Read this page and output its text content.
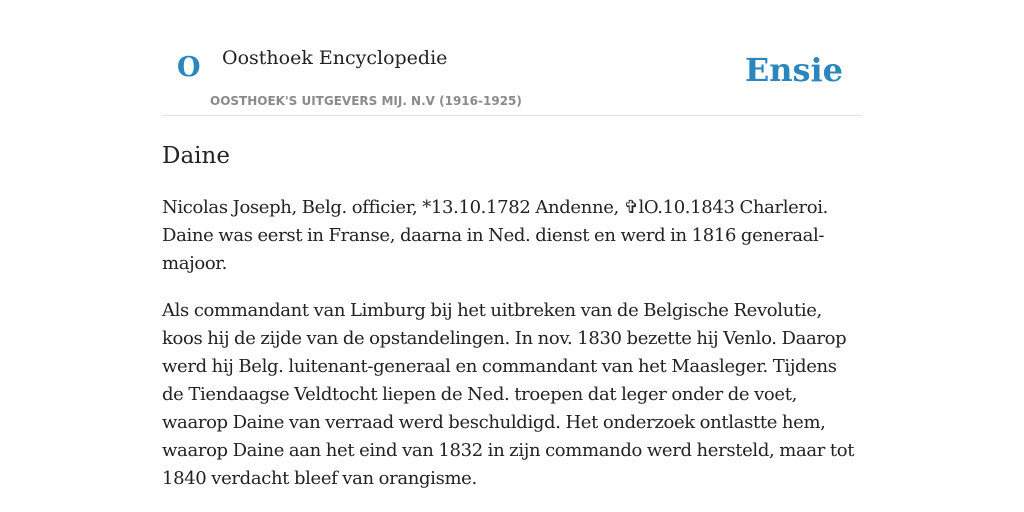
O Oosthoek Encyclopedie
OOSTHOEK'S UITGEVERS MIJ. N.V (1916-1925)
Ensie
Daine

Nicolas Joseph, Belg. officier, *13.10.1782 Andenne, ✞lO.10.1843 Charleroi. Daine was eerst in Franse, daarna in Ned. dienst en werd in 1816 generaal-majoor.

Als commandant van Limburg bij het uitbreken van de Belgische Revolutie, koos hij de zijde van de opstandelingen. In nov. 1830 bezette hij Venlo. Daarop werd hij Belg. luitenant-generaal en commandant van het Maasleger. Tijdens de Tiendaagse Veldtocht liepen de Ned. troepen dat leger onder de voet, waarop Daine van verraad werd beschuldigd. Het onderzoek ontlastte hem, waarop Daine aan het eind van 1832 in zijn commando werd hersteld, maar tot 1840 verdacht bleef van orangisme.
